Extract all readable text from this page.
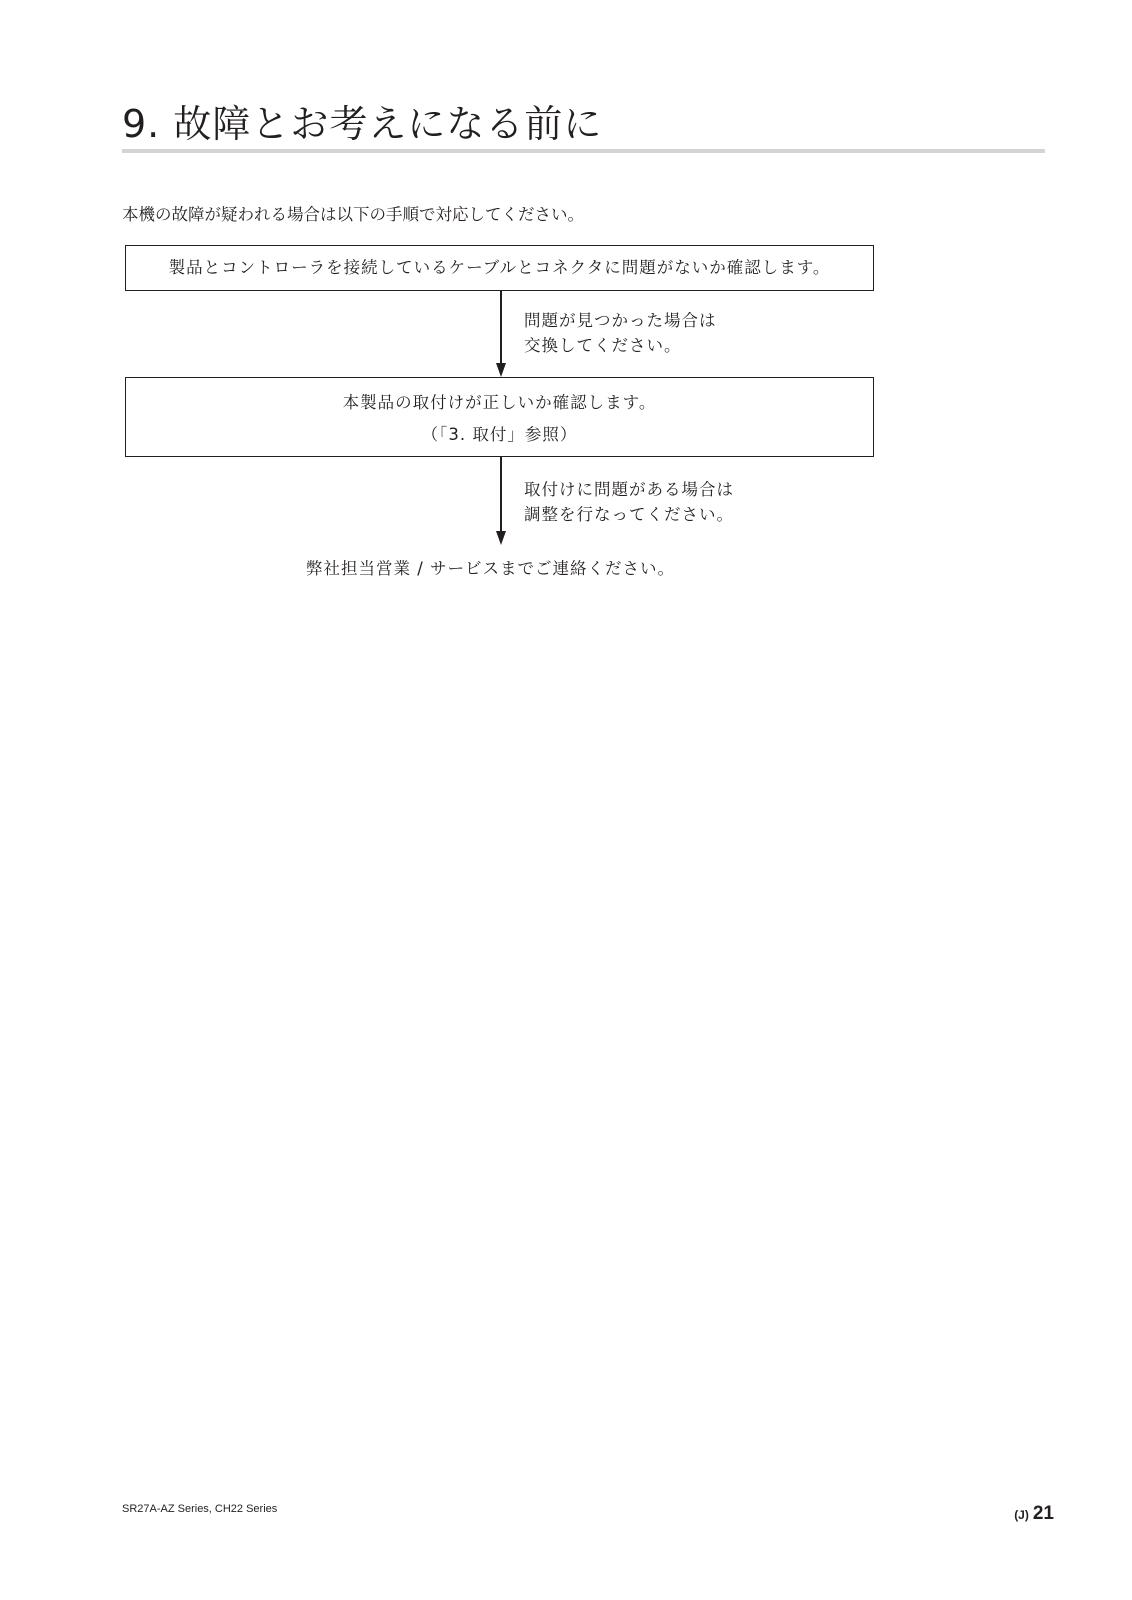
9. 故障とお考えになる前に
本機の故障が疑われる場合は以下の手順で対応してください。
製品とコントローラを接続しているケーブルとコネクタに問題がないか確認します。
問題が見つかった場合は
交換してください。
本製品の取付けが正しいか確認します。
（「3. 取付」参照）
取付けに問題がある場合は
調整を行なってください。
弊社担当営業 / サービスまでご連絡ください。
SR27A-AZ Series, CH22 Series	(J) 21
